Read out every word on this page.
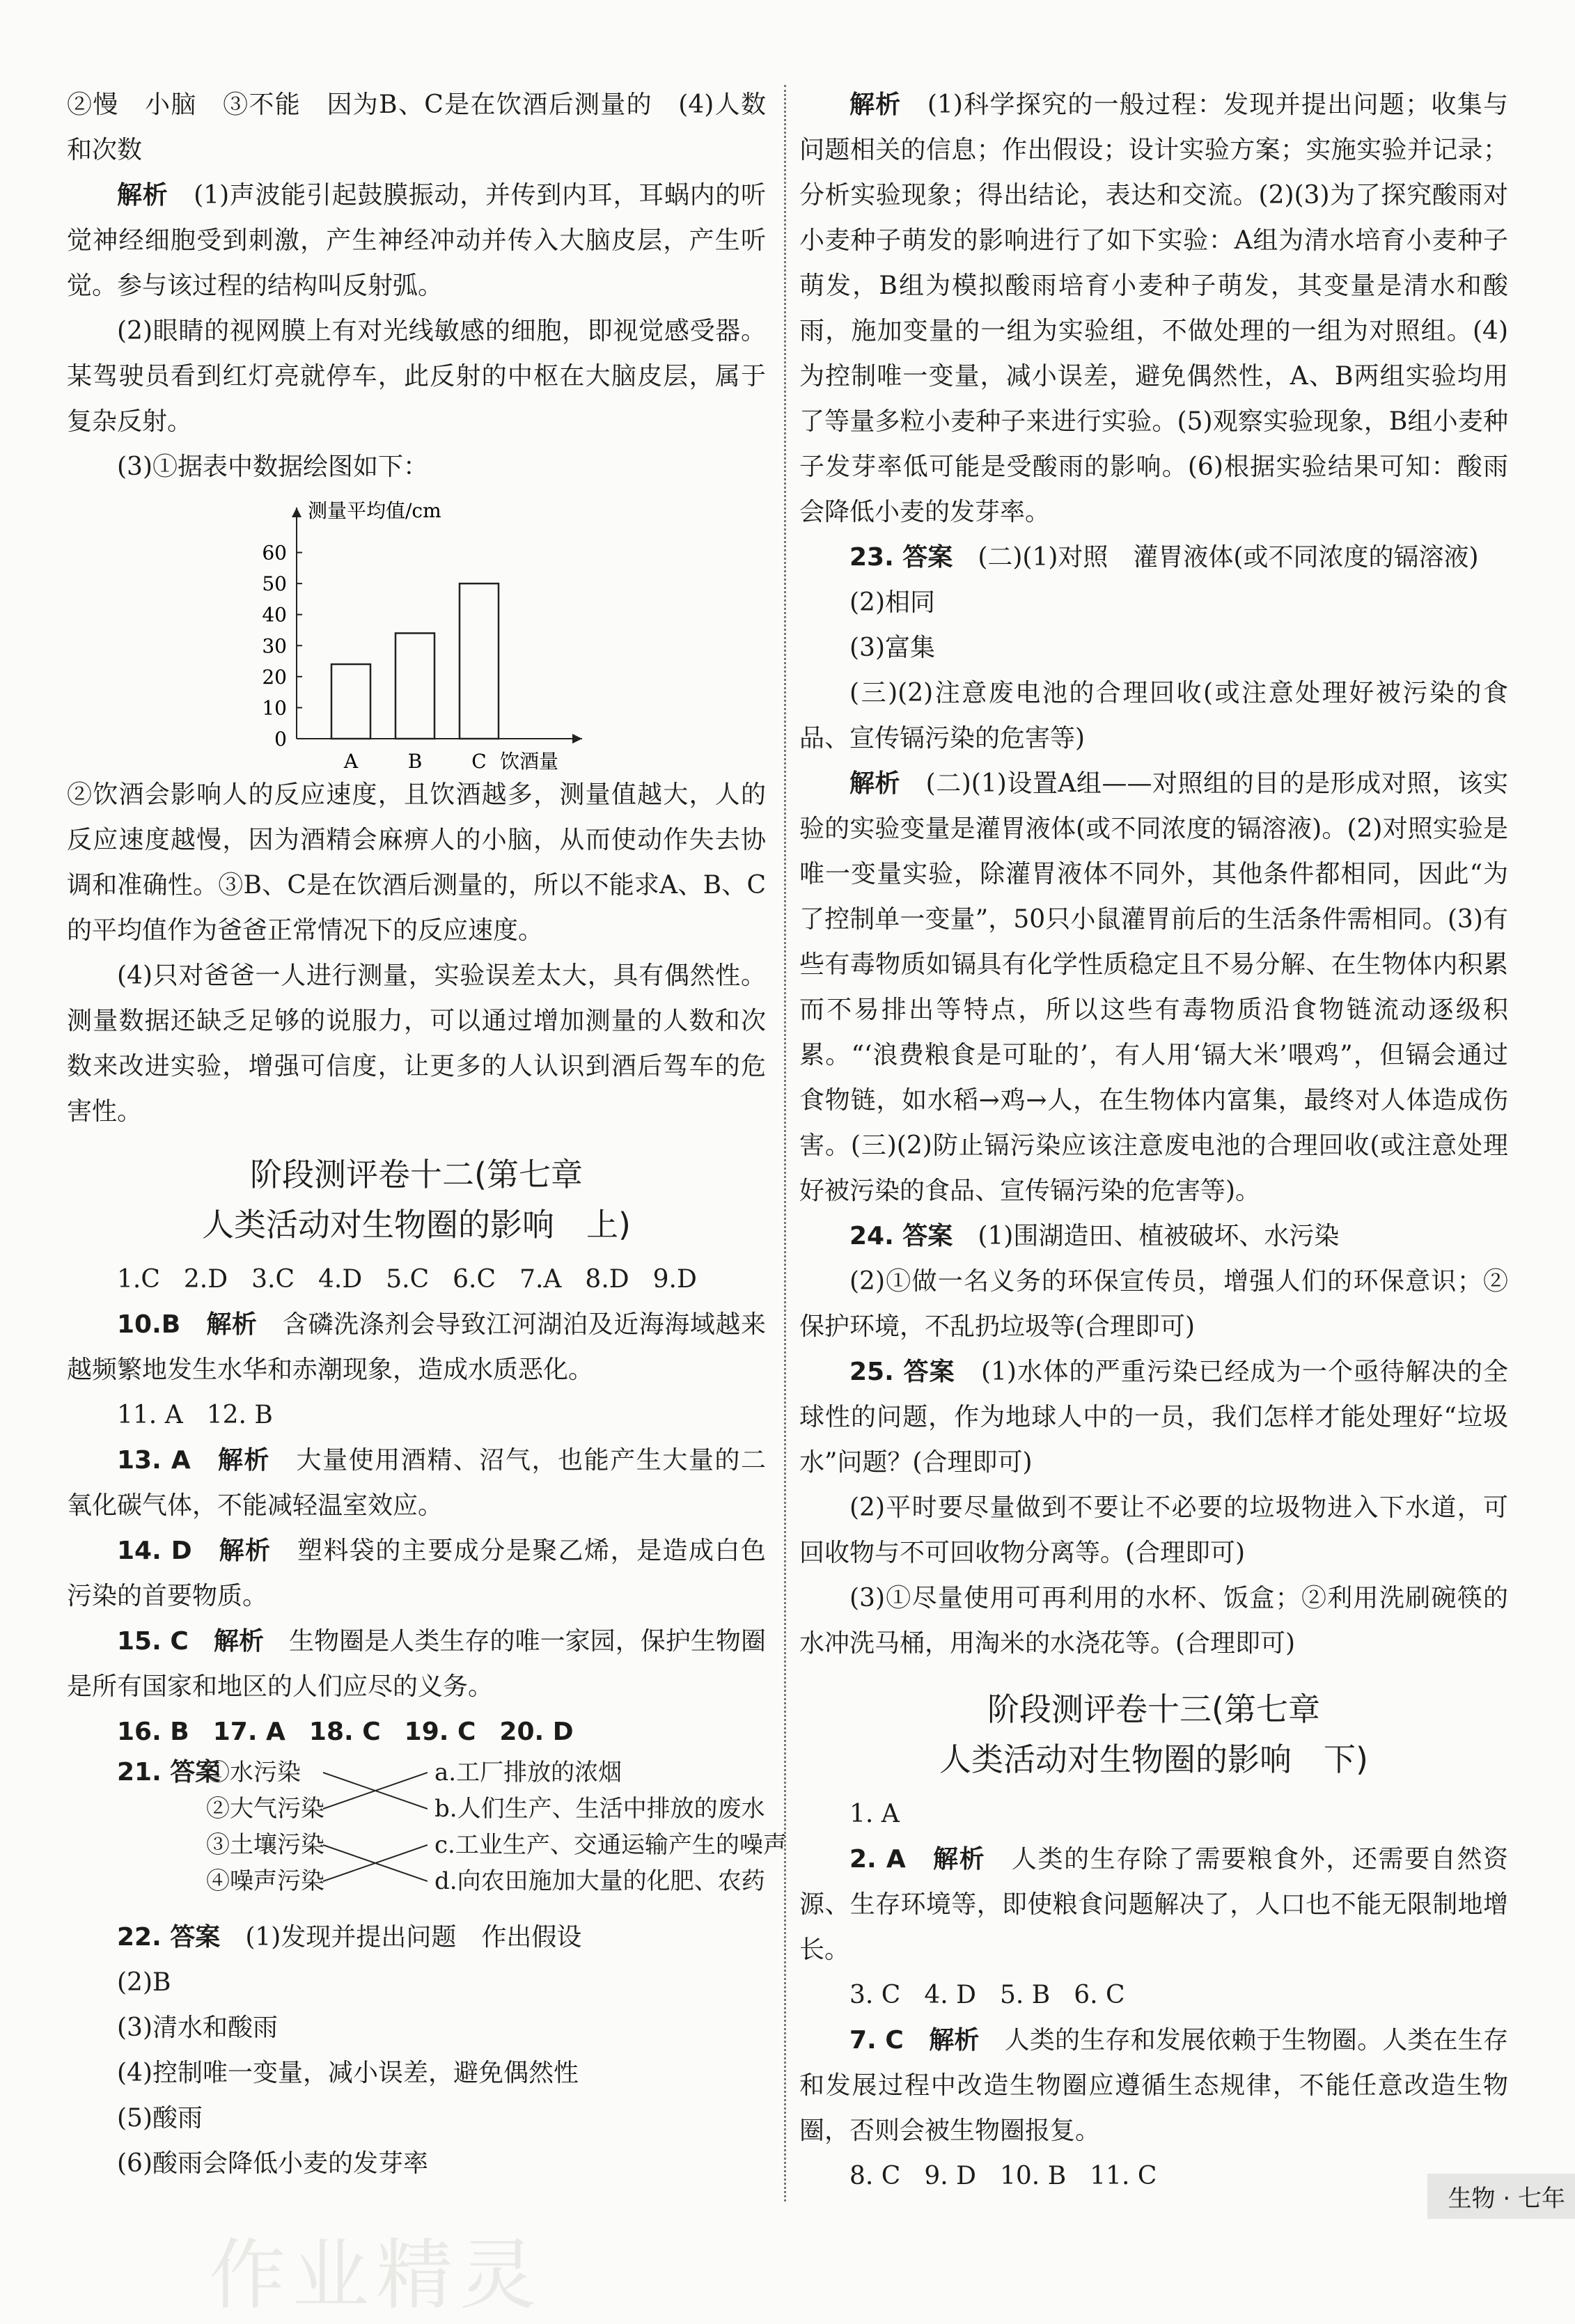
②慢　小脑　③不能　因为B、C是在饮酒后测量的　(4)人数和次数

解析　 (1)声波能引起鼓膜振动，并传到内耳，耳蜗内的听觉神经细胞受到刺激，产生神经冲动并传入大脑皮层，产生听觉。参与该过程的结构叫反射弧。

(2)眼睛的视网膜上有对光线敏感的细胞，即视觉感受器。某驾驶员看到红灯亮就停车，此反射的中枢在大脑皮层，属于复杂反射。

(3)①据表中数据绘图如下：

测量平均值/cm
饮酒量
0
10
20
30
40
50
60
A	B	C

②饮酒会影响人的反应速度，且饮酒越多，测量值越大，人的反应速度越慢，因为酒精会麻痹人的小脑，从而使动作失去协调和准确性。③B、C是在饮酒后测量的，所以不能求A、B、C的平均值作为爸爸正常情况下的反应速度。

(4)只对爸爸一人进行测量，实验误差太大，具有偶然性。测量数据还缺乏足够的说服力，可以通过增加测量的人数和次数来改进实验，增强可信度，让更多的人认识到酒后驾车的危害性。

阶段测评卷十二(第七章
人类活动对生物圈的影响　上)

1.C 2.D 3.C 4.D 5.C 6.C 7.A 8.D 9.D

10.B　 解析　 含磷洗涤剂会导致江河湖泊及近海海域越来越频繁地发生水华和赤潮现象，造成水质恶化。

11. A 12. B

13. A　 解析　 大量使用酒精、沼气，也能产生大量的二氧化碳气体，不能减轻温室效应。

14. D　 解析　 塑料袋的主要成分是聚乙烯，是造成白色污染的首要物质。

15. C　 解析　 生物圈是人类生存的唯一家园，保护生物圈是所有国家和地区的人们应尽的义务。

16. B 17. A 18. C 19. C 20. D

21. 答案
①水污染
②大气污染
③土壤污染
④噪声污染
a.工厂排放的浓烟
b.人们生产、生活中排放的废水
c.工业生产、交通运输产生的噪声
d.向农田施加大量的化肥、农药

22. 答案　 (1)发现并提出问题　作出假设

(2)B

(3)清水和酸雨

(4)控制唯一变量，减小误差，避免偶然性

(5)酸雨

(6)酸雨会降低小麦的发芽率

解析　 (1)科学探究的一般过程：发现并提出问题；收集与问题相关的信息；作出假设；设计实验方案；实施实验并记录；分析实验现象；得出结论，表达和交流。(2)(3)为了探究酸雨对小麦种子萌发的影响进行了如下实验：A组为清水培育小麦种子萌发，B组为模拟酸雨培育小麦种子萌发，其变量是清水和酸雨，施加变量的一组为实验组，不做处理的一组为对照组。(4)为控制唯一变量，减小误差，避免偶然性，A、B两组实验均用了等量多粒小麦种子来进行实验。(5)观察实验现象，B组小麦种子发芽率低可能是受酸雨的影响。(6)根据实验结果可知：酸雨会降低小麦的发芽率。

23. 答案　 (二)(1)对照　灌胃液体(或不同浓度的镉溶液)

(2)相同

(3)富集

(三)(2)注意废电池的合理回收(或注意处理好被污染的食品、宣传镉污染的危害等)

解析　 (二)(1)设置A组——对照组的目的是形成对照，该实验的实验变量是灌胃液体(或不同浓度的镉溶液)。(2)对照实验是唯一变量实验，除灌胃液体不同外，其他条件都相同，因此“为了控制单一变量”，50只小鼠灌胃前后的生活条件需相同。(3)有些有毒物质如镉具有化学性质稳定且不易分解、在生物体内积累而不易排出等特点，所以这些有毒物质沿食物链流动逐级积累。“‘浪费粮食是可耻的’，有人用‘镉大米’喂鸡”，但镉会通过食物链，如水稻→鸡→人，在生物体内富集，最终对人体造成伤害。(三)(2)防止镉污染应该注意废电池的合理回收(或注意处理好被污染的食品、宣传镉污染的危害等)。

24. 答案　 (1)围湖造田、植被破坏、水污染

(2)①做一名义务的环保宣传员，增强人们的环保意识；②保护环境，不乱扔垃圾等(合理即可)

25. 答案　 (1)水体的严重污染已经成为一个亟待解决的全球性的问题，作为地球人中的一员，我们怎样才能处理好“垃圾水”问题？(合理即可)

(2)平时要尽量做到不要让不必要的垃圾物进入下水道，可回收物与不可回收物分离等。(合理即可)

(3)①尽量使用可再利用的水杯、饭盒；②利用洗刷碗筷的水冲洗马桶，用淘米的水浇花等。(合理即可)

阶段测评卷十三(第七章
人类活动对生物圈的影响　下)

1. A

2. A　 解析　 人类的生存除了需要粮食外，还需要自然资源、生存环境等，即使粮食问题解决了，人口也不能无限制地增长。

3. C 4. D 5. B 6. C

7. C　 解析　 人类的生存和发展依赖于生物圈。人类在生存和发展过程中改造生物圈应遵循生态规律，不能任意改造生物圈，否则会被生物圈报复。

8. C 9. D 10. B 11. C

生物 · 七年
作业精灵
